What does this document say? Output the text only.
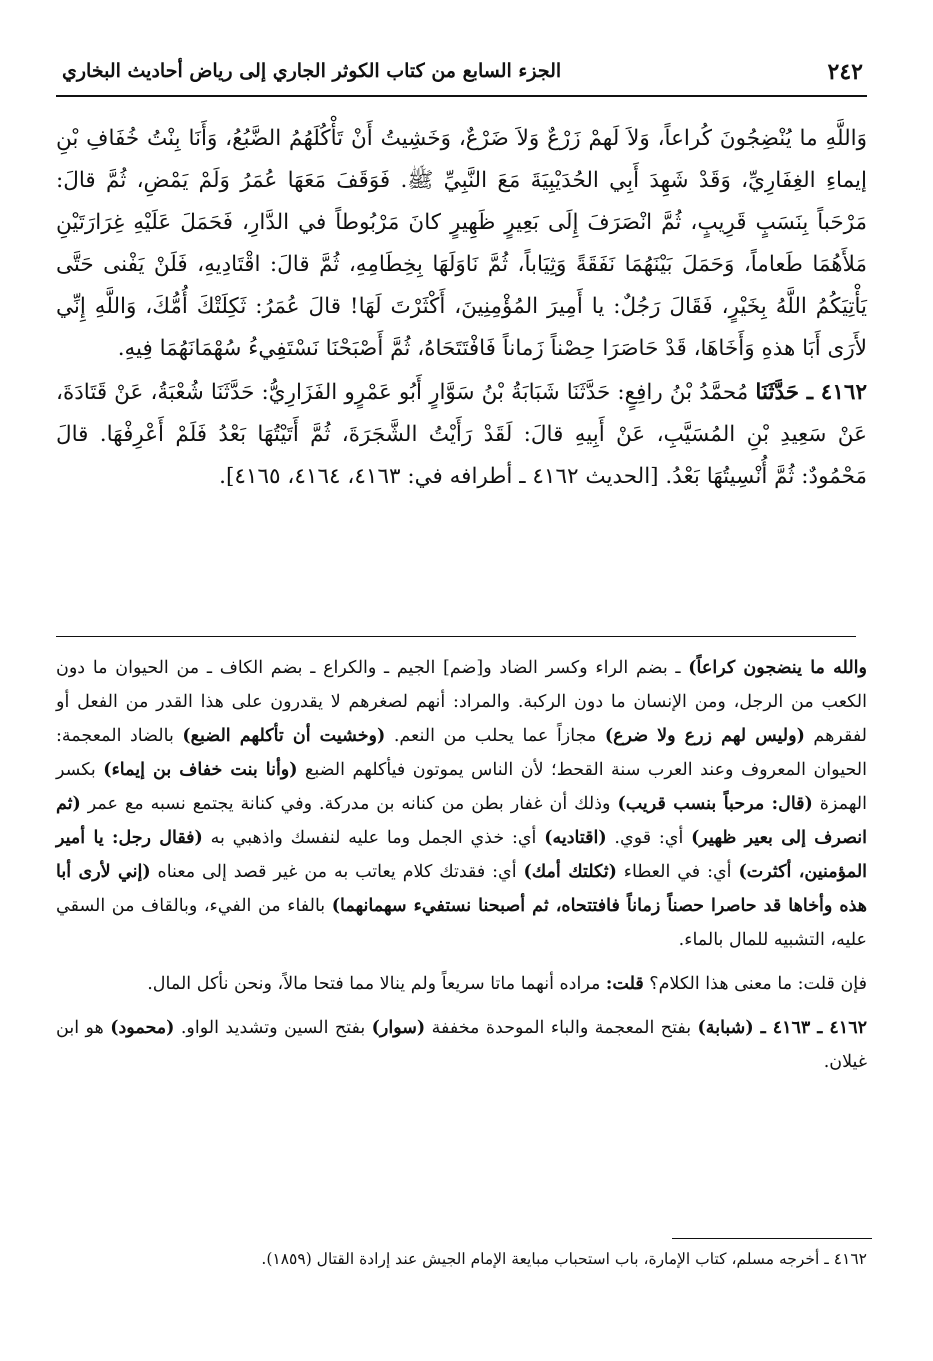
٢٤٢
الجزء السابع من كتاب الكوثر الجاري إلى رياض أحاديث البخاري

وَاللَّهِ ما يُنْضِجُونَ كُراعاً، وَلاَ لَهمْ زَرْعٌ وَلاَ ضَرْعٌ، وَخَشِيتُ أَنْ تَأْكُلَهُمُ الضَّبُعُ، وَأَنَا بِنْتُ خُفَافِ بْنِ إيماءِ الغِفَارِيِّ، وَقَدْ شَهِدَ أَبِي الحُدَيْبِيَةَ مَعَ النَّبِيِّ ﷺ. فَوَقَفَ مَعَهَا عُمَرُ وَلَمْ يَمْضِ، ثُمَّ قالَ: مَرْحَباً بِنَسَبٍ قَرِيبٍ، ثُمَّ انْصَرَفَ إِلَى بَعِيرٍ ظَهِيرٍ كانَ مَرْبُوطاً في الدَّارِ، فَحَمَلَ عَلَيْهِ غِرَارَتَيْنِ مَلأَهُمَا طَعاماً، وَحَمَلَ بَيْنَهُمَا نَفَقَةً وَثِيَاباً، ثُمَّ نَاوَلَهَا بِخِطَامِهِ، ثُمَّ قالَ: اقْتَادِيهِ، فَلَنْ يَفْنى حَتَّى يَأْتِيَكُمُ اللَّهُ بِخَيْرٍ، فَقَالَ رَجُلٌ: يا أَمِيرَ المُؤْمِنِينَ، أَكْثَرْتَ لَهَا! قالَ عُمَرُ: ثَكِلَتْكَ أُمُّكَ، وَاللَّهِ إِنِّي لأَرَى أَبَا هذهِ وَأَخَاهَا، قَدْ حَاصَرَا حِصْناً زَماناً فَافْتَتَحَاهُ، ثُمَّ أَصْبَحْنَا نَسْتَفِيءُ سُهْمَانَهُمَا فِيهِ.

٤١٦٢ ـ حَدَّثَنَا مُحمَّدُ بْنُ رافِعٍ: حَدَّثَنَا شَبَابَةُ بْنُ سَوَّارٍ أَبُو عَمْرٍو الفَزَارِيُّ: حَدَّثَنَا شُعْبَةُ، عَنْ قَتَادَةَ، عَنْ سَعِيدِ بْنِ المُسَيَّبِ، عَنْ أَبِيهِ قالَ: لَقَدْ رَأَيْتُ الشَّجَرَةَ، ثُمَّ أَتَيْتُهَا بَعْدُ فَلَمْ أَعْرِفْهَا. قالَ مَحْمُودٌ: ثُمَّ أُنْسِيتُهَا بَعْدُ. [الحديث ٤١٦٢ ـ أطرافه في: ٤١٦٣، ٤١٦٤، ٤١٦٥].

والله ما ينضجون كراعاً) ـ بضم الراء وكسر الضاد و[ضم] الجيم ـ والكراع ـ بضم الكاف ـ من الحيوان ما دون الكعب من الرجل، ومن الإنسان ما دون الركبة. والمراد: أنهم لصغرهم لا يقدرون على هذا القدر من الفعل أو لفقرهم (وليس لهم زرع ولا ضرع) مجازاً عما يحلب من النعم. (وخشيت أن تأكلهم الضبع) بالضاد المعجمة: الحيوان المعروف وعند العرب سنة القحط؛ لأن الناس يموتون فيأكلهم الضبع (وأنا بنت خفاف بن إيماء) بكسر الهمزة (قال: مرحباً بنسب قريب) وذلك أن غفار بطن من كنانه بن مدركة. وفي كنانة يجتمع نسبه مع عمر (ثم انصرف إلى بعير ظهير) أي: قوي. (اقتاديه) أي: خذي الجمل وما عليه لنفسك واذهبي به (فقال رجل: يا أمير المؤمنين، أكثرت) أي: في العطاء (ثكلتك أمك) أي: فقدتك كلام يعاتب به من غير قصد إلى معناه (إني لأرى أبا هذه وأخاها قد حاصرا حصناً زماناً فافتتحاه، ثم أصبحنا نستفيء سهمانهما) بالفاء من الفيء، وبالقاف من السقي عليه، التشبيه للمال بالماء.

فإن قلت: ما معنى هذا الكلام؟ قلت: مراده أنهما ماتا سريعاً ولم ينالا مما فتحا مالاً، ونحن نأكل المال.

٤١٦٢ ـ ٤١٦٣ ـ (شبابة) بفتح المعجمة والباء الموحدة مخففة (سوار) بفتح السين وتشديد الواو. (محمود) هو ابن غيلان.

٤١٦٢ ـ أخرجه مسلم، كتاب الإمارة، باب استحباب مبايعة الإمام الجيش عند إرادة القتال (١٨٥٩).
